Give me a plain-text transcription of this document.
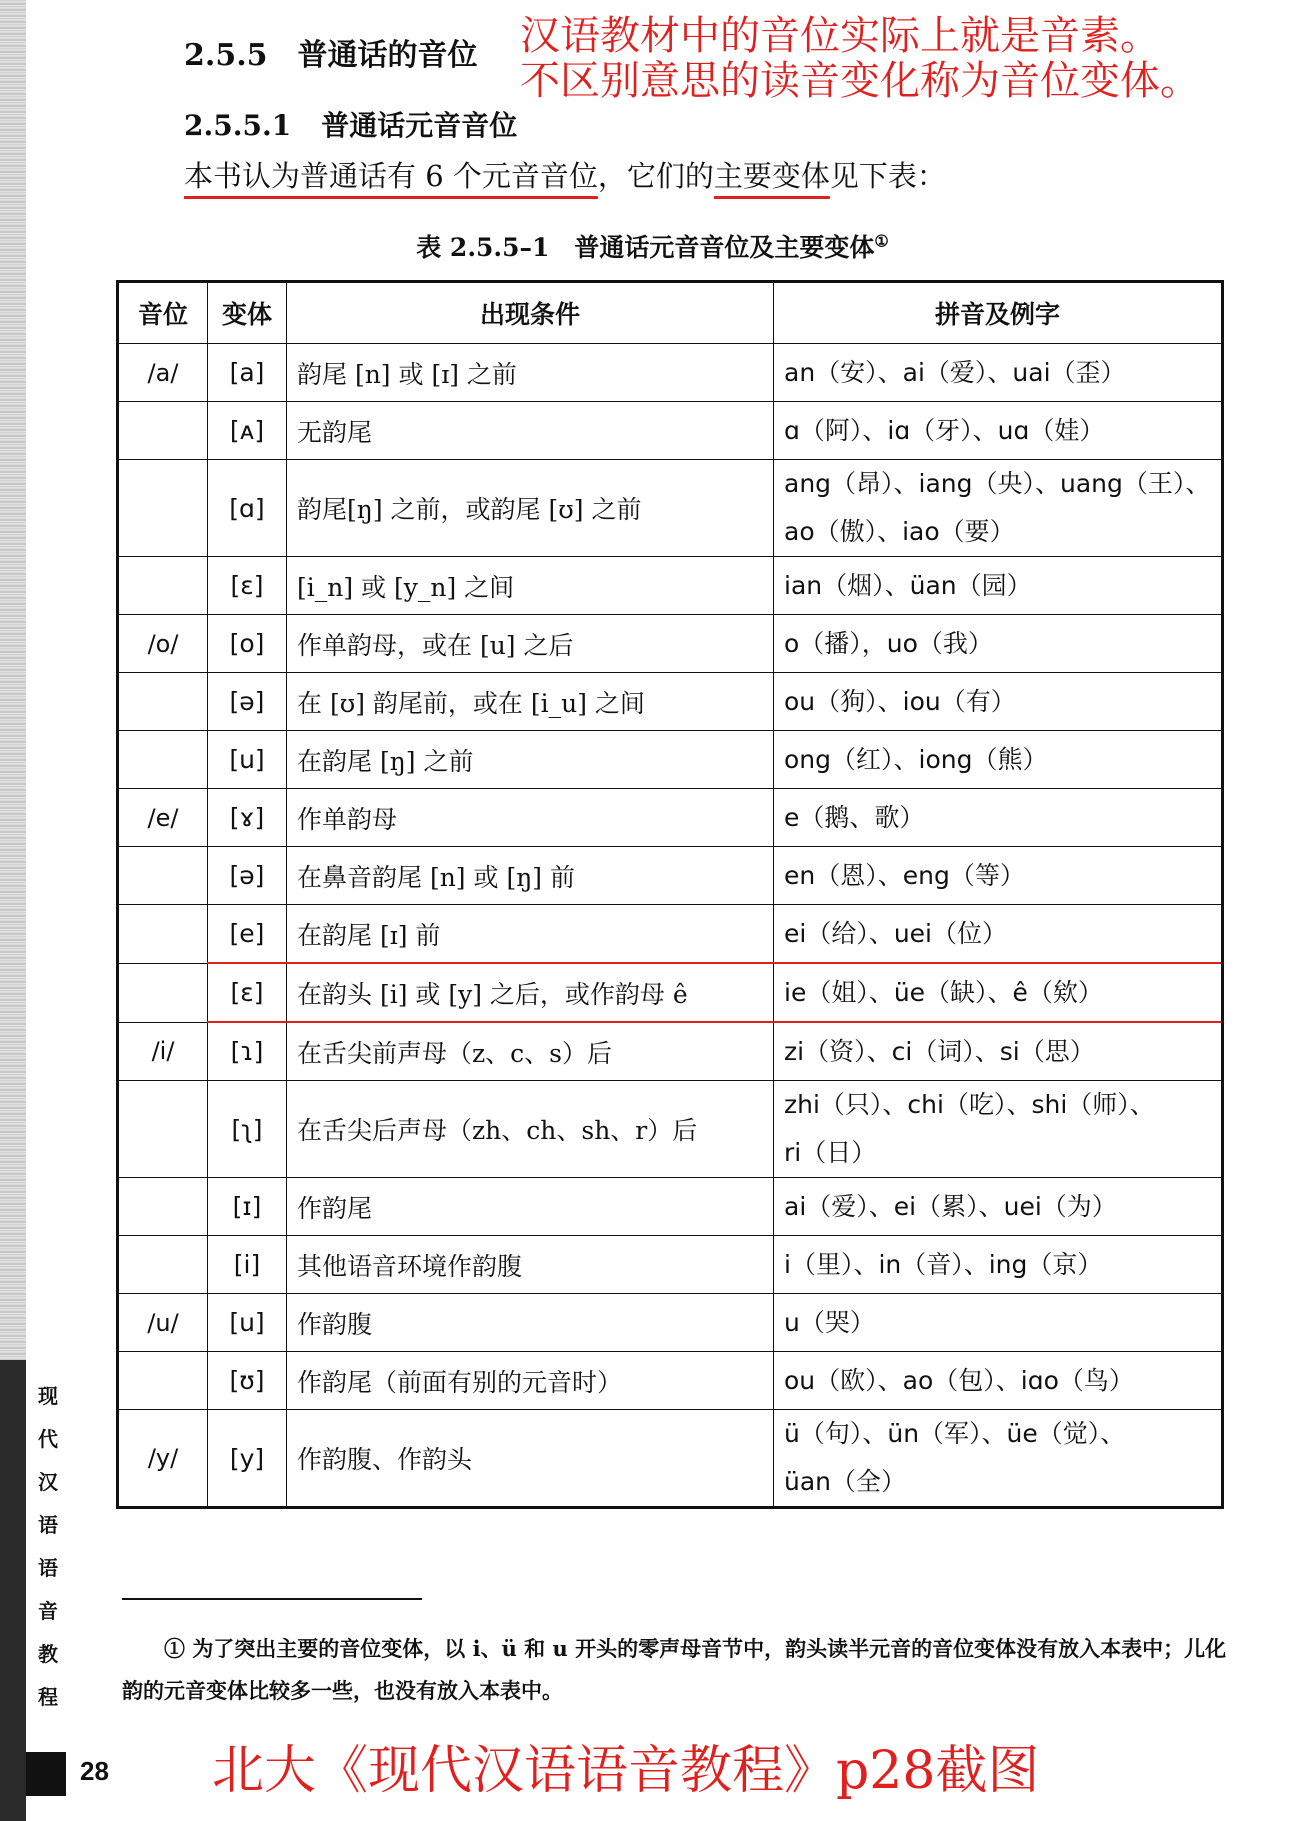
现
代
汉
语
语
音
教
程
28
2.5.5 普通话的音位 汉语教材中的音位实际上就是音素。
不区别意思的读音变化称为音位变体。
2.5.5.1 普通话元音音位
本书认为普通话有 6 个元音音位，它们的主要变体见下表：
表 2.5.5–1　普通话元音音位及主要变体①
音位	变体	出现条件	拼音及例字
/a/	[a]	韵尾 [n] 或 [ɪ] 之前	an（安）、ai（爱）、uai（歪）

	[ᴀ]	无韵尾	ɑ（阿）、iɑ（牙）、uɑ（娃）

	[ɑ]	韵尾[ŋ] 之前，或韵尾 [ʊ] 之前	ang（昂）、iang（央）、uang（王）、
ao（傲）、iao（要）

	[ɛ]	[i_n] 或 [y_n] 之间	ian（烟）、üan（园）

/o/	[o]	作单韵母，或在 [u] 之后	o（播），uo（我）

	[ə]	在 [ʊ] 韵尾前，或在 [i_u] 之间	ou（狗）、iou（有）

	[u]	在韵尾 [ŋ] 之前	ong（红）、iong（熊）

/e/	[ɤ]	作单韵母	e（鹅、歌）

	[ə]	在鼻音韵尾 [n] 或 [ŋ] 前	en（恩）、eng（等）

	[e]	在韵尾 [ɪ] 前	ei（给）、uei（位）

	[ɛ]	在韵头 [i] 或 [y] 之后，或作韵母 ê	ie（姐）、üe（缺）、ê（欸）

/i/	[ɿ]	在舌尖前声母（z、c、s）后	zi（资）、ci（词）、si（思）

	[ʅ]	在舌尖后声母（zh、ch、sh、r）后	zhi（只）、chi（吃）、shi（师）、
ri（日）

	[ɪ]	作韵尾	ai（爱）、ei（累）、uei（为）

	[i]	其他语音环境作韵腹	i（里）、in（音）、ing（京）

/u/	[u]	作韵腹	u（哭）

	[ʊ]	作韵尾（前面有别的元音时）	ou（欧）、ao（包）、iɑo（鸟）

/y/	[y]	作韵腹、作韵头	ü（句）、ün（军）、üe（觉）、
üan（全）
① 为了突出主要的音位变体，以 i、ü 和 u 开头的零声母音节中，韵头读半元音的音位变体没有放入本表中；儿化韵的元音变体比较多一些，也没有放入本表中。
北大《现代汉语语音教程》p28截图
